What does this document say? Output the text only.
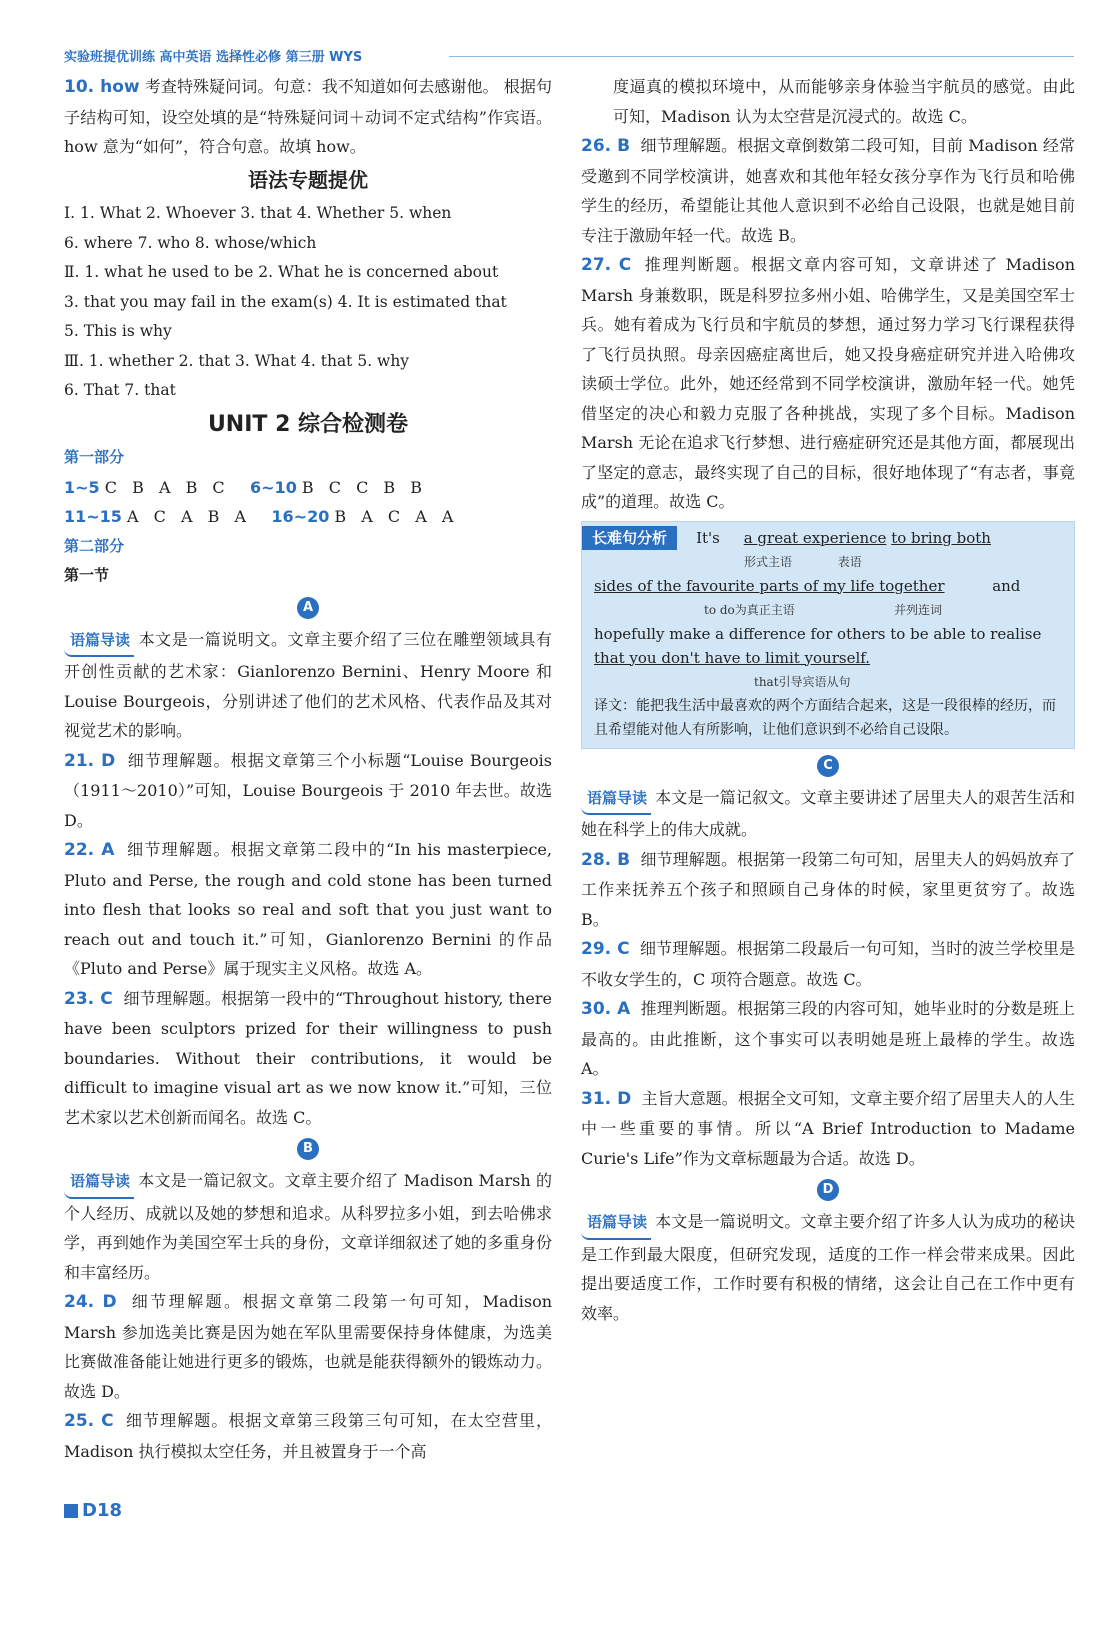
实验班提优训练 高中英语 选择性必修 第三册 WYS

10. how 考查特殊疑问词。句意：我不知道如何去感谢他。 根据句子结构可知，设空处填的是“特殊疑问词＋动词不定式结构”作宾语。how 意为“如何”，符合句意。故填 how。

语法专题提优
Ⅰ. 1. What 2. Whoever 3. that 4. Whether 5. when
6. where 7. who 8. whose/which
Ⅱ. 1. what he used to be 2. What he is concerned about
3. that you may fail in the exam(s) 4. It is estimated that
5. This is why
Ⅲ. 1. whether 2. that 3. What 4. that 5. why
6. That 7. that
UNIT 2 综合检测卷
第一部分
1~5 C B A B C 6~10 B C C B B
11~15 A C A B A 16~20 B A C A A
第二部分
第一节
A

语篇导读 本文是一篇说明文。文章主要介绍了三位在雕塑领域具有开创性贡献的艺术家：Gianlorenzo Bernini、Henry Moore 和 Louise Bourgeois，分别讲述了他们的艺术风格、代表作品及其对视觉艺术的影响。

21. D 细节理解题。根据文章第三个小标题“Louise Bourgeois（1911～2010）”可知，Louise Bourgeois 于 2010 年去世。故选 D。

22. A 细节理解题。根据文章第二段中的“In his masterpiece, Pluto and Perse, the rough and cold stone has been turned into flesh that looks so real and soft that you just want to reach out and touch it.”可知，Gianlorenzo Bernini 的作品《Pluto and Perse》属于现实主义风格。故选 A。

23. C 细节理解题。根据第一段中的“Throughout history, there have been sculptors prized for their willingness to push boundaries. Without their contributions, it would be difficult to imagine visual art as we now know it.”可知，三位艺术家以艺术创新而闻名。故选 C。

B

语篇导读 本文是一篇记叙文。文章主要介绍了 Madison Marsh 的个人经历、成就以及她的梦想和追求。从科罗拉多小姐，到去哈佛求学，再到她作为美国空军士兵的身份，文章详细叙述了她的多重身份和丰富经历。

24. D 细节理解题。根据文章第二段第一句可知，Madison Marsh 参加选美比赛是因为她在军队里需要保持身体健康，为选美比赛做准备能让她进行更多的锻炼，也就是能获得额外的锻炼动力。故选 D。

25. C 细节理解题。根据文章第三段第三句可知，在太空营里，Madison 执行模拟太空任务，并且被置身于一个高

度逼真的模拟环境中，从而能够亲身体验当宇航员的感觉。由此可知，Madison 认为太空营是沉浸式的。故选 C。

26. B 细节理解题。根据文章倒数第二段可知，目前 Madison 经常受邀到不同学校演讲，她喜欢和其他年轻女孩分享作为飞行员和哈佛学生的经历，希望能让其他人意识到不必给自己设限，也就是她目前专注于激励年轻一代。故选 B。

27. C 推理判断题。根据文章内容可知，文章讲述了 Madison Marsh 身兼数职，既是科罗拉多州小姐、哈佛学生，又是美国空军士兵。她有着成为飞行员和宇航员的梦想，通过努力学习飞行课程获得了飞行员执照。母亲因癌症离世后，她又投身癌症研究并进入哈佛攻读硕士学位。此外，她还经常到不同学校演讲，激励年轻一代。她凭借坚定的决心和毅力克服了各种挑战，实现了多个目标。Madison Marsh 无论在追求飞行梦想、进行癌症研究还是其他方面，都展现出了坚定的意志，最终实现了自己的目标，很好地体现了“有志者，事竟成”的道理。故选 C。

长难句分析 It's a great experience to bring both
形式主语	表语
sides of the favourite parts of my life together	and
to do为真正主语	并列连词
hopefully make a difference for others to be able to realise that you don't have to limit yourself.
that引导宾语从句
译文：能把我生活中最喜欢的两个方面结合起来，这是一段很棒的经历，而且希望能对他人有所影响，让他们意识到不必给自己设限。
C

语篇导读 本文是一篇记叙文。文章主要讲述了居里夫人的艰苦生活和她在科学上的伟大成就。

28. B 细节理解题。根据第一段第二句可知，居里夫人的妈妈放弃了工作来抚养五个孩子和照顾自己身体的时候，家里更贫穷了。故选 B。

29. C 细节理解题。根据第二段最后一句可知，当时的波兰学校里是不收女学生的，C 项符合题意。故选 C。

30. A 推理判断题。根据第三段的内容可知，她毕业时的分数是班上最高的。由此推断，这个事实可以表明她是班上最棒的学生。故选 A。

31. D 主旨大意题。根据全文可知，文章主要介绍了居里夫人的人生中一些重要的事情。所以“A Brief Introduction to Madame Curie's Life”作为文章标题最为合适。故选 D。

D

语篇导读 本文是一篇说明文。文章主要介绍了许多人认为成功的秘诀是工作到最大限度，但研究发现，适度的工作一样会带来成果。因此提出要适度工作，工作时要有积极的情绪，这会让自己在工作中更有效率。

D18
